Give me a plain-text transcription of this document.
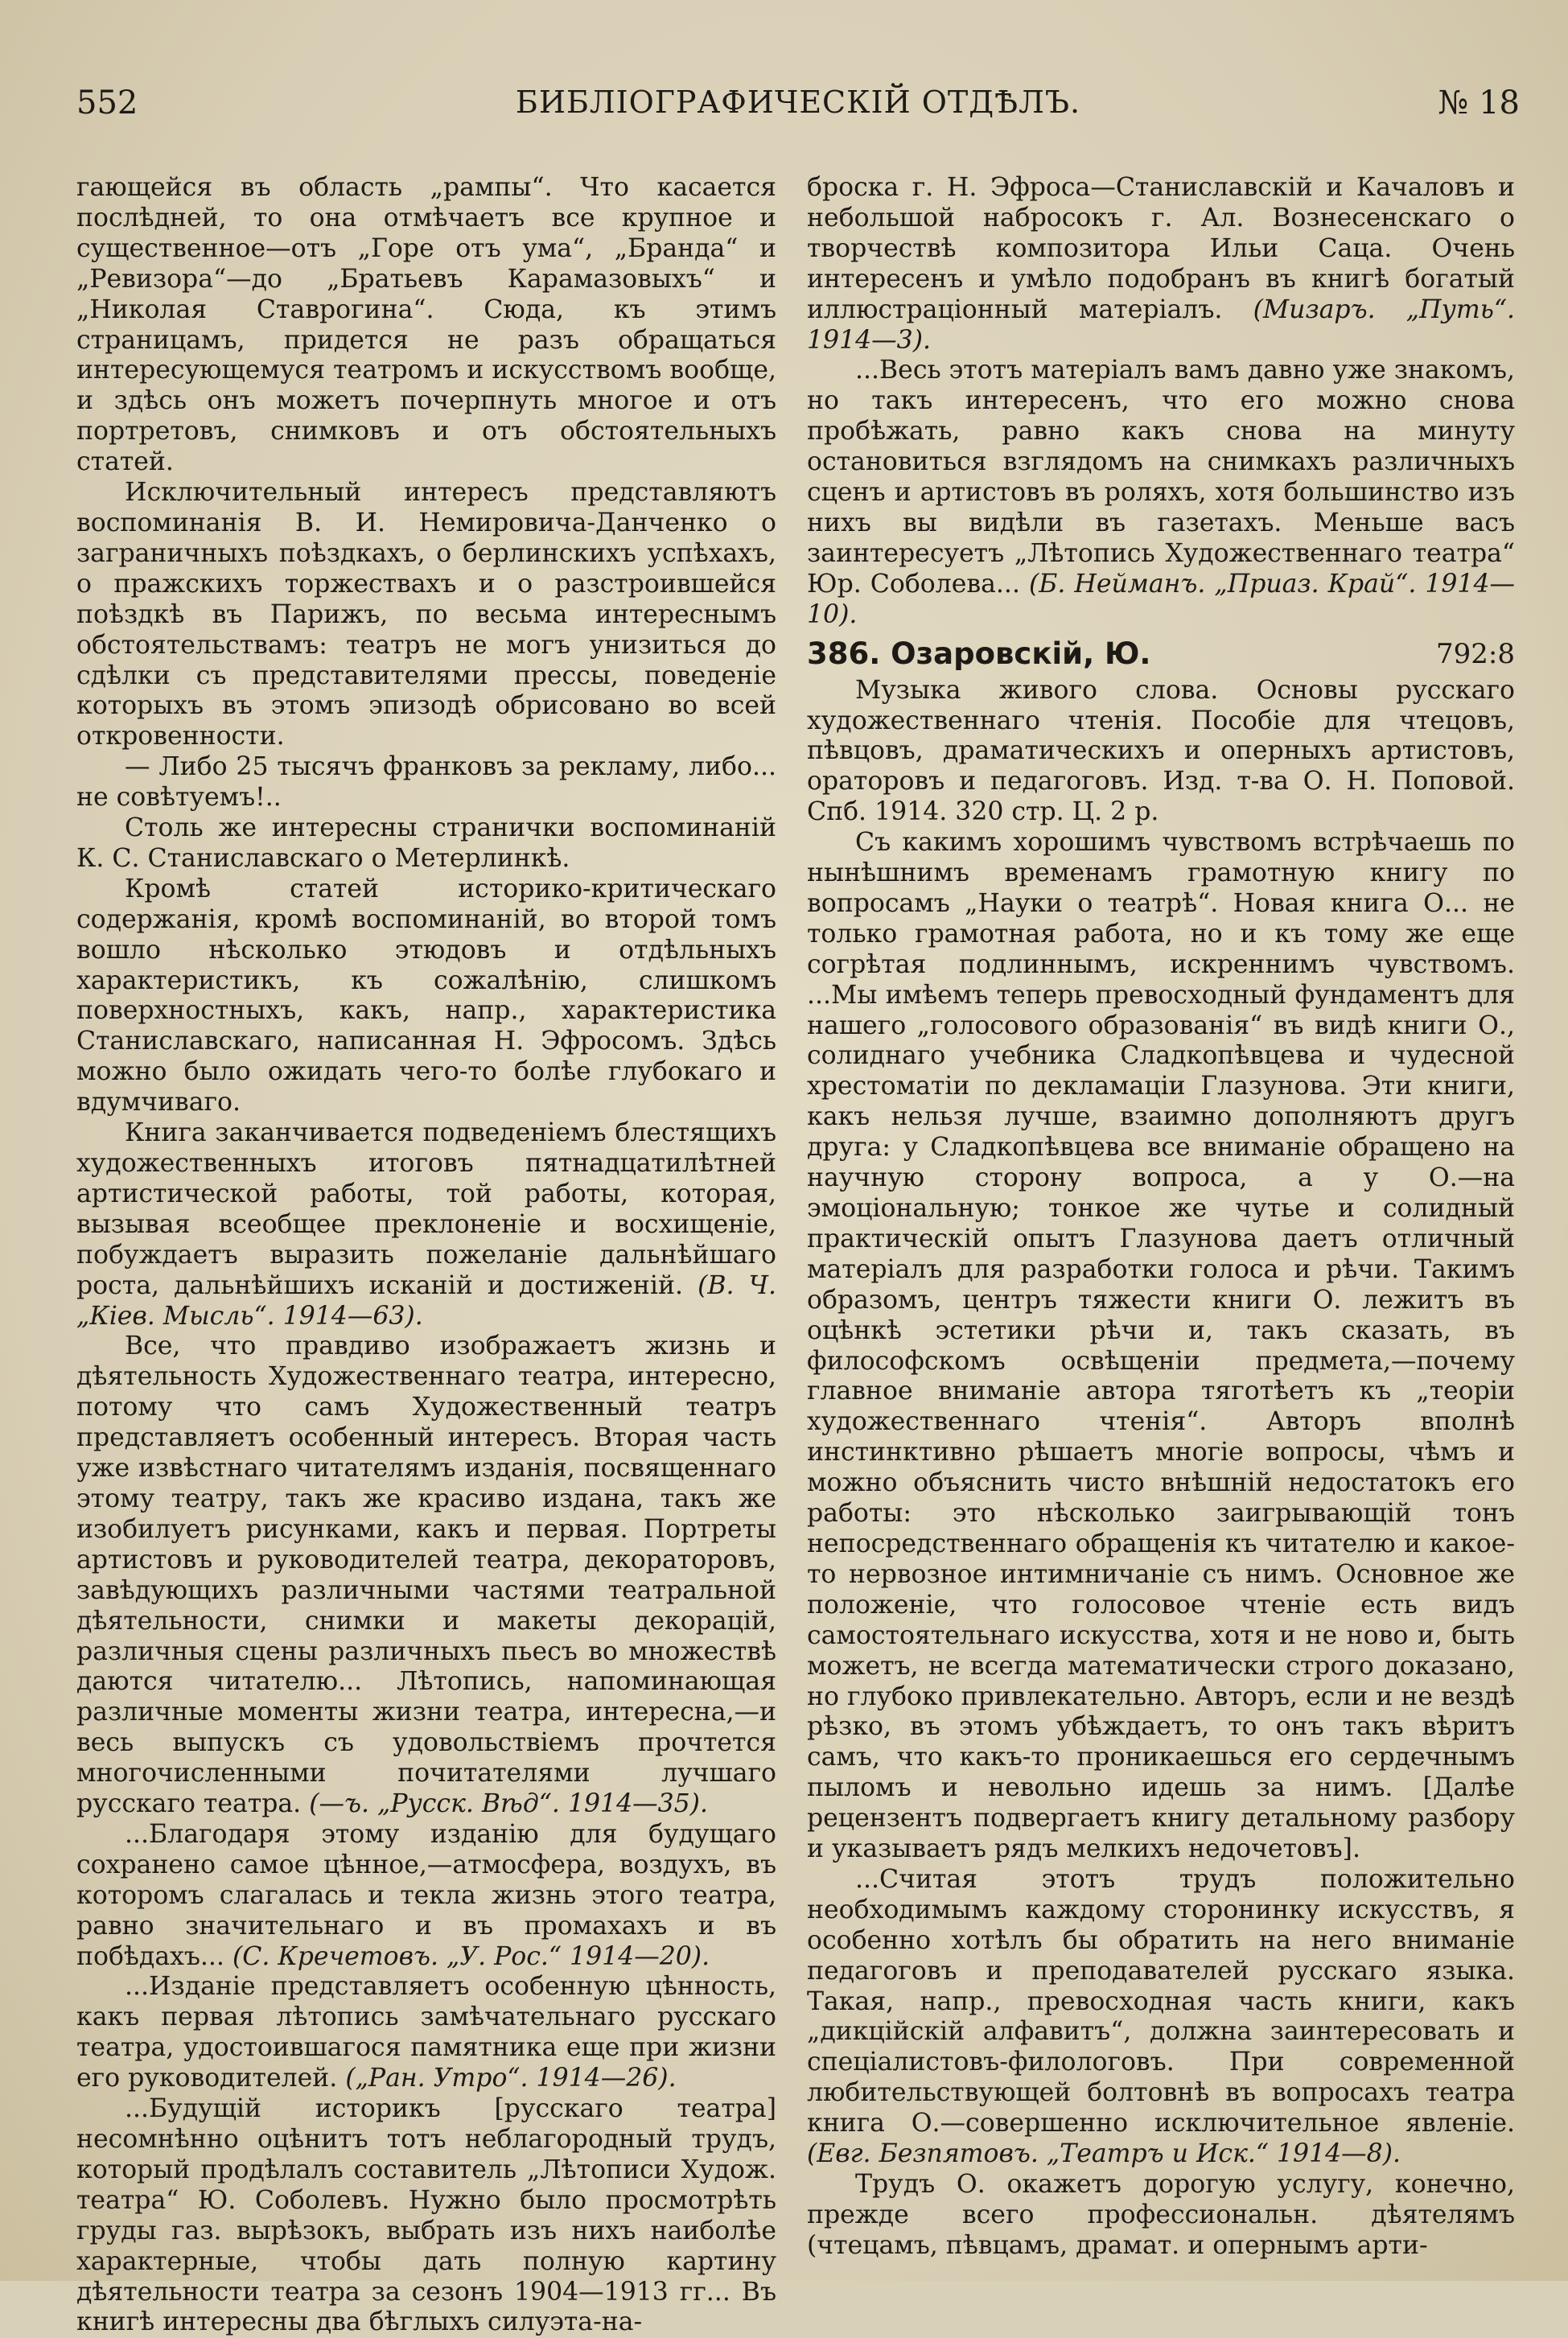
552	БИБЛІОГРАФИЧЕСКІЙ ОТДѢЛЪ.	№ 18

гающейся въ область „рампы“. Что касается послѣдней, то она отмѣчаетъ все крупное и существенное—отъ „Горе отъ ума“, „Бранда“ и „Ревизора“—до „Братьевъ Карамазовыхъ“ и „Николая Ставрогина“. Сюда, къ этимъ страницамъ, придется не разъ обращаться интересующемуся театромъ и искусствомъ вообще, и здѣсь онъ можетъ почерпнуть многое и отъ портретовъ, снимковъ и отъ обстоятельныхъ статей.

Исключительный интересъ представляютъ воспоминанія В. И. Немировича-Данченко о заграничныхъ поѣздкахъ, о берлинскихъ успѣхахъ, о пражскихъ торжествахъ и о разстроившейся поѣздкѣ въ Парижъ, по весьма интереснымъ обстоятельствамъ: театръ не могъ унизиться до сдѣлки съ представителями прессы, поведеніе которыхъ въ этомъ эпизодѣ обрисовано во всей откровенности.

— Либо 25 тысячъ франковъ за рекламу, либо... не совѣтуемъ!..

Столь же интересны странички воспоминаній К. С. Станиславскаго о Метерлинкѣ.

Кромѣ статей историко-критическаго содержанія, кромѣ воспоминаній, во второй томъ вошло нѣсколько этюдовъ и отдѣльныхъ характеристикъ, къ сожалѣнію, слишкомъ поверхностныхъ, какъ, напр., характеристика Станиславскаго, написанная Н. Эфросомъ. Здѣсь можно было ожидать чего-то болѣе глубокаго и вдумчиваго.

Книга заканчивается подведеніемъ блестящихъ художественныхъ итоговъ пятнадцатилѣтней артистической работы, той работы, которая, вызывая всеобщее преклоненіе и восхищеніе, побуждаетъ выразить пожеланіе дальнѣйшаго роста, дальнѣйшихъ исканій и достиженій. (В. Ч. „Кіев. Мысль“. 1914—63).

Все, что правдиво изображаетъ жизнь и дѣятельность Художественнаго театра, интересно, потому что самъ Художественный театръ представляетъ особенный интересъ. Вторая часть уже извѣстнаго читателямъ изданія, посвященнаго этому театру, такъ же красиво издана, такъ же изобилуетъ рисунками, какъ и первая. Портреты артистовъ и руководителей театра, декораторовъ, завѣдующихъ различными частями театральной дѣятельности, снимки и макеты декорацій, различныя сцены различныхъ пьесъ во множествѣ даются читателю... Лѣтопись, напоминающая различные моменты жизни театра, интересна,—и весь выпускъ съ удовольствіемъ прочтется многочисленными почитателями лучшаго русскаго театра. (—ъ. „Русск. Вѣд“. 1914—35).

...Благодаря этому изданію для будущаго сохранено самое цѣнное,—атмосфера, воздухъ, въ которомъ слагалась и текла жизнь этого театра, равно значительнаго и въ промахахъ и въ побѣдахъ... (С. Кречетовъ. „У. Рос.“ 1914—20).

...Изданіе представляетъ особенную цѣнность, какъ первая лѣтопись замѣчательнаго русскаго театра, удостоившагося памятника еще при жизни его руководителей. („Ран. Утро“. 1914—26).

...Будущій историкъ [русскаго театра] несомнѣнно оцѣнитъ тотъ неблагородный трудъ, который продѣлалъ составитель „Лѣтописи Худож. театра“ Ю. Соболевъ. Нужно было просмотрѣть груды газ. вырѣзокъ, выбрать изъ нихъ наиболѣе характерные, чтобы дать полную картину дѣятельности театра за сезонъ 1904—1913 гг... Въ книгѣ интересны два бѣглыхъ силуэта-на-

броска г. Н. Эфроса—Станиславскій и Качаловъ и небольшой набросокъ г. Ал. Вознесенскаго о творчествѣ композитора Ильи Саца. Очень интересенъ и умѣло подобранъ въ книгѣ богатый иллюстраціонный матеріалъ. (Мизаръ. „Путь“. 1914—3).

...Весь этотъ матеріалъ вамъ давно уже знакомъ, но такъ интересенъ, что его можно снова пробѣжать, равно какъ снова на минуту остановиться взглядомъ на снимкахъ различныхъ сценъ и артистовъ въ роляхъ, хотя большинство изъ нихъ вы видѣли въ газетахъ. Меньше васъ заинтересуетъ „Лѣтопись Художественнаго театра“ Юр. Соболева... (Б. Нейманъ. „Приаз. Край“. 1914—10).

386. Озаровскій, Ю.	792:8

Музыка живого слова. Основы русскаго художественнаго чтенія. Пособіе для чтецовъ, пѣвцовъ, драматическихъ и оперныхъ артистовъ, ораторовъ и педагоговъ. Изд. т-ва О. Н. Поповой. Спб. 1914. 320 стр. Ц. 2 р.

Съ какимъ хорошимъ чувствомъ встрѣчаешь по нынѣшнимъ временамъ грамотную книгу по вопросамъ „Науки о театрѣ“. Новая книга О... не только грамотная работа, но и къ тому же еще согрѣтая подлиннымъ, искреннимъ чувствомъ. ...Мы имѣемъ теперь превосходный фундаментъ для нашего „голосового образованія“ въ видѣ книги О., солиднаго учебника Сладкопѣвцева и чудесной хрестоматіи по декламаціи Глазунова. Эти книги, какъ нельзя лучше, взаимно дополняютъ другъ друга: у Сладкопѣвцева все вниманіе обращено на научную сторону вопроса, а у О.—на эмоціональную; тонкое же чутье и солидный практическій опытъ Глазунова даетъ отличный матеріалъ для разработки голоса и рѣчи. Такимъ образомъ, центръ тяжести книги О. лежитъ въ оцѣнкѣ эстетики рѣчи и, такъ сказать, въ философскомъ освѣщеніи предмета,—почему главное вниманіе автора тяготѣетъ къ „теоріи художественнаго чтенія“. Авторъ вполнѣ инстинктивно рѣшаетъ многіе вопросы, чѣмъ и можно объяснить чисто внѣшній недостатокъ его работы: это нѣсколько заигрывающій тонъ непосредственнаго обращенія къ читателю и какое-то нервозное интимничаніе съ нимъ. Основное же положеніе, что голосовое чтеніе есть видъ самостоятельнаго искусства, хотя и не ново и, быть можетъ, не всегда математически строго доказано, но глубоко привлекательно. Авторъ, если и не вездѣ рѣзко, въ этомъ убѣждаетъ, то онъ такъ вѣритъ самъ, что какъ-то проникаешься его сердечнымъ пыломъ и невольно идешь за нимъ. [Далѣе рецензентъ подвергаетъ книгу детальному разбору и указываетъ рядъ мелкихъ недочетовъ].

...Считая этотъ трудъ положительно необходимымъ каждому сторонинку искусствъ, я особенно хотѣлъ бы обратить на него вниманіе педагоговъ и преподавателей русскаго языка. Такая, напр., превосходная часть книги, какъ „дикційскій алфавитъ“, должна заинтересовать и спеціалистовъ-филологовъ. При современной любительствующей болтовнѣ въ вопросахъ театра книга О.—совершенно исключительное явленіе. (Евг. Безпятовъ. „Театръ и Иск.“ 1914—8).

Трудъ О. окажетъ дорогую услугу, конечно, прежде всего профессиональн. дѣятелямъ (чтецамъ, пѣвцамъ, драмат. и опернымъ арти-
